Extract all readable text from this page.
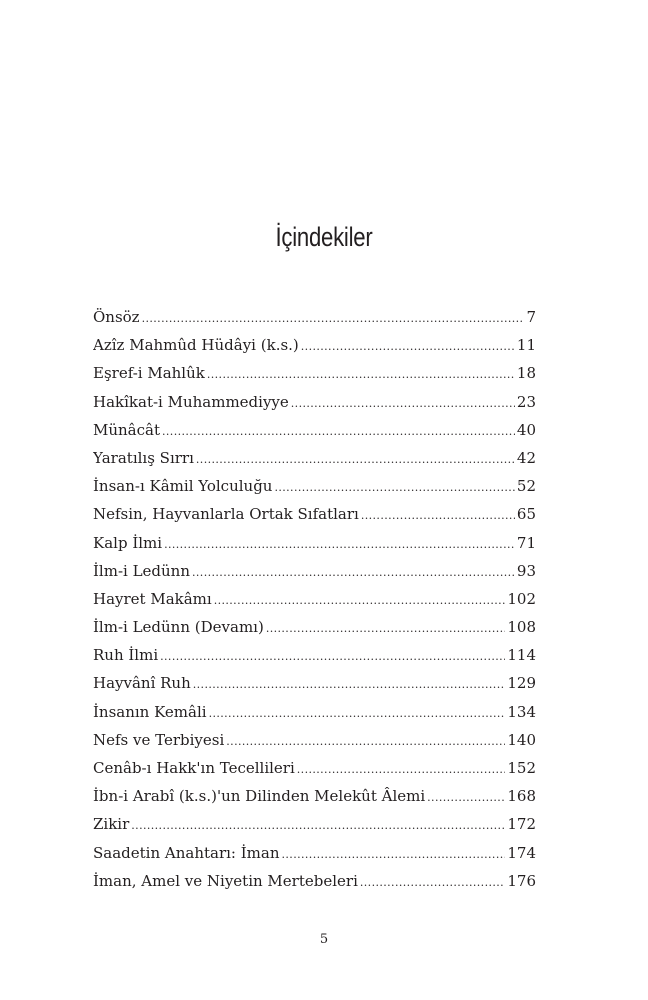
İçindekiler
Önsöz .....	7
Azîz Mahmûd Hüdâyi (k.s.) .....	11
Eşref-i Mahlûk .....	18
Hakîkat-i Muhammediyye .....	23
Münâcât .....	40
Yaratılış Sırrı .....	42
İnsan-ı Kâmil Yolculuğu .....	52
Nefsin, Hayvanlarla Ortak Sıfatları .....	65
Kalp İlmi .....	71
İlm-i Ledünn .....	93
Hayret Makâmı .....	102
İlm-i Ledünn (Devamı) .....	108
Ruh İlmi .....	114
Hayvânî Ruh .....	129
İnsanın Kemâli .....	134
Nefs ve Terbiyesi .....	140
Cenâb-ı Hakk'ın Tecellileri .....	152
İbn-i Arabî (k.s.)'un Dilinden Melekût Âlemi .....	168
Zikir .....	172
Saadetin Anahtarı: İman .....	174
İman, Amel ve Niyetin Mertebeleri .....	176

5
